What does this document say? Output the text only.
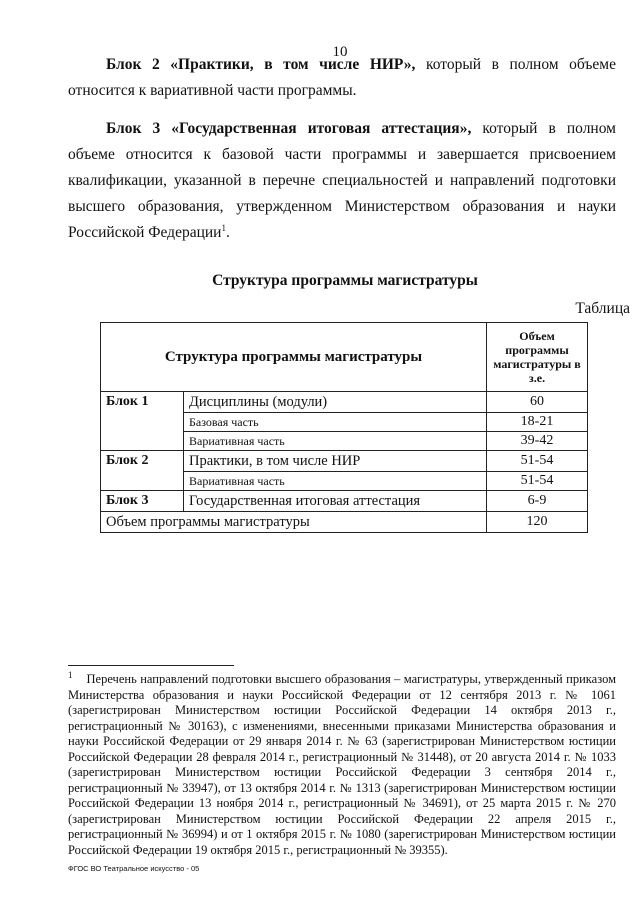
10

Блок 2 «Практики, в том числе НИР», который в полном объеме относится к вариативной части программы.

Блок 3 «Государственная итоговая аттестация», который в полном объеме относится к базовой части программы и завершается присвоением квалификации, указанной в перечне специальностей и направлений подготовки высшего образования, утвержденном Министерством образования и науки Российской Федерации$^1$.

Структура программы магистратуры
Таблица
Структура программы магистратуры		Объем программы магистратуры в з.е.
Блок 1	Дисциплины (модули)	60
	Базовая часть	18-21
	Вариативная часть	39-42
Блок 2	Практики, в том числе НИР	51-54
	Вариативная часть	51-54
Блок 3	Государственная итоговая аттестация	6-9
Объем программы магистратуры		120

$^1$ Перечень направлений подготовки высшего образования – магистратуры, утвержденный приказом Министерства образования и науки Российской Федерации от 12 сентября 2013 г. № 1061 (зарегистрирован Министерством юстиции Российской Федерации 14 октября 2013 г., регистрационный № 30163), с изменениями, внесенными приказами Министерства образования и науки Российской Федерации от 29 января 2014 г. № 63 (зарегистрирован Министерством юстиции Российской Федерации 28 февраля 2014 г., регистрационный № 31448), от 20 августа 2014 г. № 1033 (зарегистрирован Министерством юстиции Российской Федерации 3 сентября 2014 г., регистрационный № 33947), от 13 октября 2014 г. № 1313 (зарегистрирован Министерством юстиции Российской Федерации 13 ноября 2014 г., регистрационный № 34691), от 25 марта 2015 г. № 270 (зарегистрирован Министерством юстиции Российской Федерации 22 апреля 2015 г., регистрационный № 36994) и от 1 октября 2015 г. № 1080 (зарегистрирован Министерством юстиции Российской Федерации 19 октября 2015 г., регистрационный № 39355).

ФГОС ВО Театральное искусство - 05
